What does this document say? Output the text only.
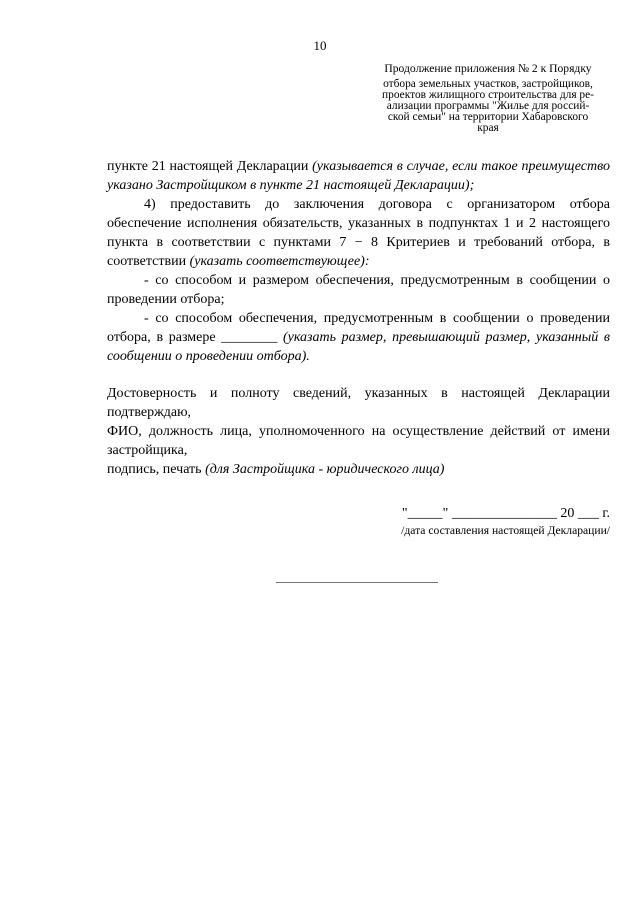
10
Продолжение приложения № 2 к Порядку
отбора земельных участков, застройщиков,
проектов жилищного строительства для ре-
ализации программы "Жилье для россий-
ской семьи" на территории Хабаровского
края

пункте 21 настоящей Декларации (указывается в случае, если такое преимущество указано Застройщиком в пункте 21 настоящей Декларации);

4) предоставить до заключения договора с организатором отбора обеспечение исполнения обязательств, указанных в подпунктах 1 и 2 настоящего пункта в соответствии с пунктами 7 − 8 Критериев и требований отбора, в соответствии (указать соответствующее):

- со способом и размером обеспечения, предусмотренным в сообщении о проведении отбора;

- со способом обеспечения, предусмотренным в сообщении о проведении отбора, в размере ________ (указать размер, превышающий размер, указанный в сообщении о проведении отбора).

Достоверность и полноту сведений, указанных в настоящей Декларации подтверждаю,

ФИО, должность лица, уполномоченного на осуществление действий от имени застройщика,

подпись, печать (для Застройщика - юридического лица)

"_____" _______________ 20 ___ г.
/дата составления настоящей Декларации/
